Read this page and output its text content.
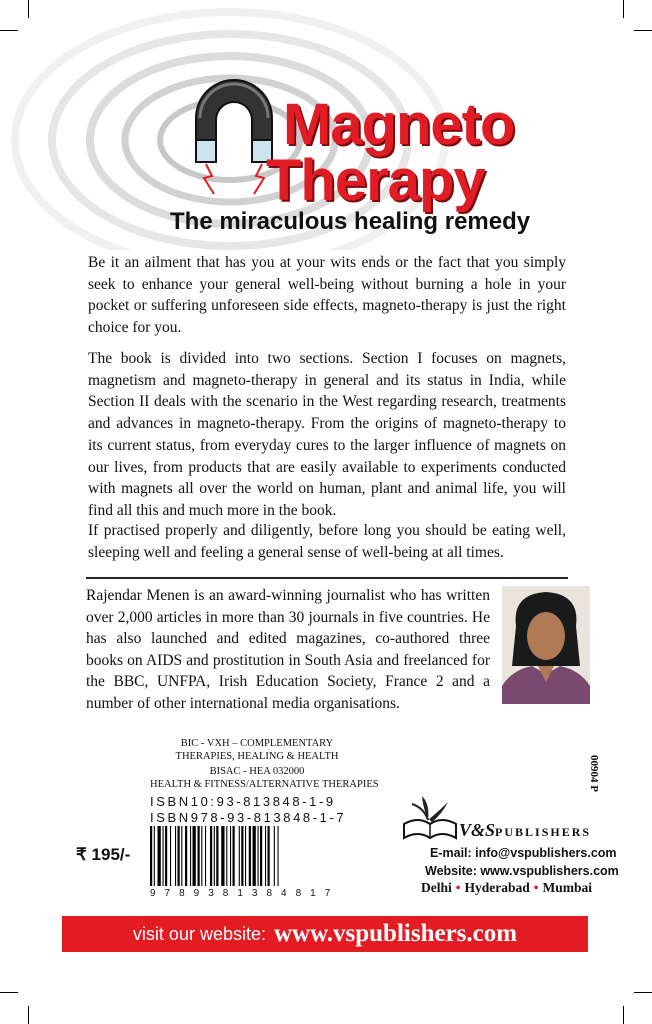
Magneto
Therapy
The miraculous healing remedy

Be it an ailment that has you at your wits ends or the fact that you simply seek to enhance your general well-being without burning a hole in your pocket or suffering unforeseen side effects, magneto-therapy is just the right choice for you.

The book is divided into two sections. Section I focuses on magnets, magnetism and magneto-therapy in general and its status in India, while Section II deals with the scenario in the West regarding research, treatments and advances in magneto-therapy. From the origins of magneto-therapy to its current status, from everyday cures to the larger influence of magnets on our lives, from products that are easily available to experiments conducted with magnets all over the world on human, plant and animal life, you will find all this and much more in the book.

If practised properly and diligently, before long you should be eating well, sleeping well and feeling a general sense of well-being at all times.

Rajendar Menen is an award-winning journalist who has written over 2,000 articles in more than 30 journals in five countries. He has also launched and edited magazines, co-authored three books on AIDS and prostitution in South Asia and freelanced for the BBC, UNFPA, Irish Education Society, France 2 and a number of other international media organisations.

BIC - VXH – COMPLEMENTARY
THERAPIES, HEALING & HEALTH
BISAC - HEA 032000
HEALTH & FITNESS/ALTERNATIVE THERAPIES
ISBN10:93-813848-1-9
ISBN978-93-813848-1-7
9789381384817
₹ 195/-
00904 P
V&SPUBLISHERS
E-mail: info@vspublishers.com
Website: www.vspublishers.com
Delhi • Hyderabad • Mumbai
visit our website: www.vspublishers.com
